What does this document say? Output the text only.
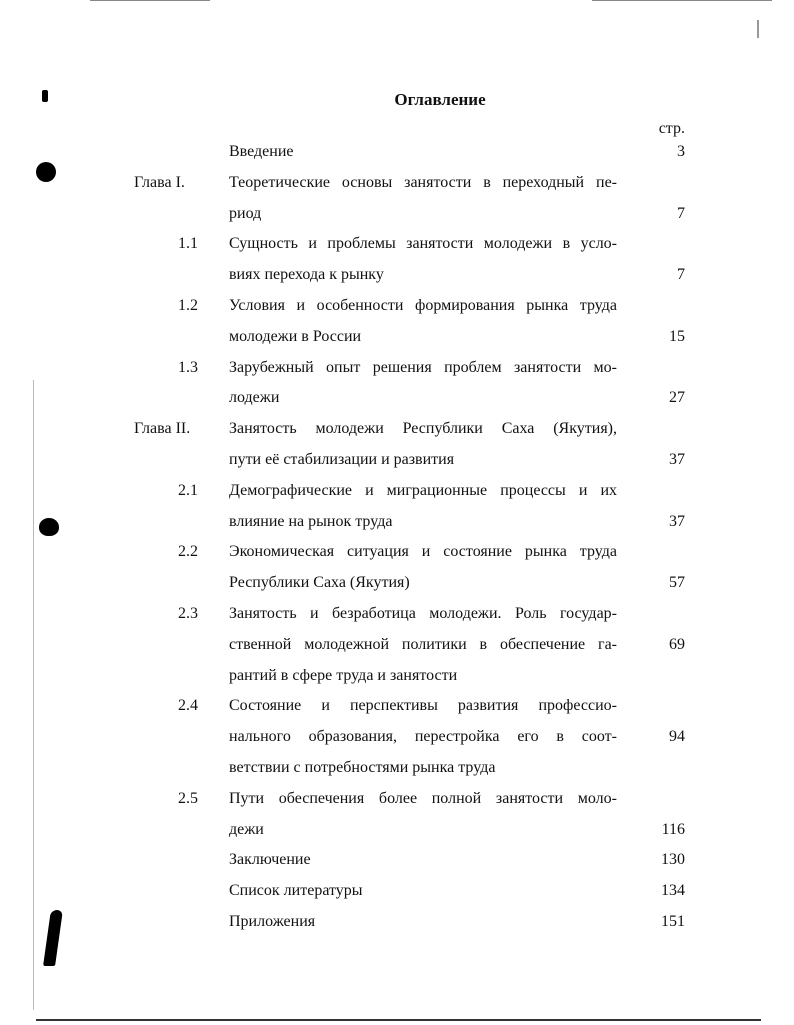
Оглавление
стр.
Введение	3
Глава I.	Теоретические основы занятости в переходный пе-
риод	7
1.1 Сущность и проблемы занятости молодежи в усло-
виях перехода к рынку	7
1.2 Условия и особенности формирования рынка труда
молодежи в России	15
1.3 Зарубежный опыт решения проблем занятости мо-
лодежи	27
Глава II.	Занятость молодежи Республики Саха (Якутия),
пути её стабилизации и развития	37
2.1 Демографические и миграционные процессы и их
влияние на рынок труда	37
2.2 Экономическая ситуация и состояние рынка труда
Республики Саха (Якутия)	57
2.3 Занятость и безработица молодежи. Роль государ-
ственной молодежной политики в обеспечение га-	69
рантий в сфере труда и занятости
2.4 Состояние и перспективы развития профессио-
нального образования, перестройка его в соот-	94
ветствии с потребностями рынка труда
2.5 Пути обеспечения более полной занятости моло-
дежи	116
Заключение	130
Список литературы	134
Приложения	151
